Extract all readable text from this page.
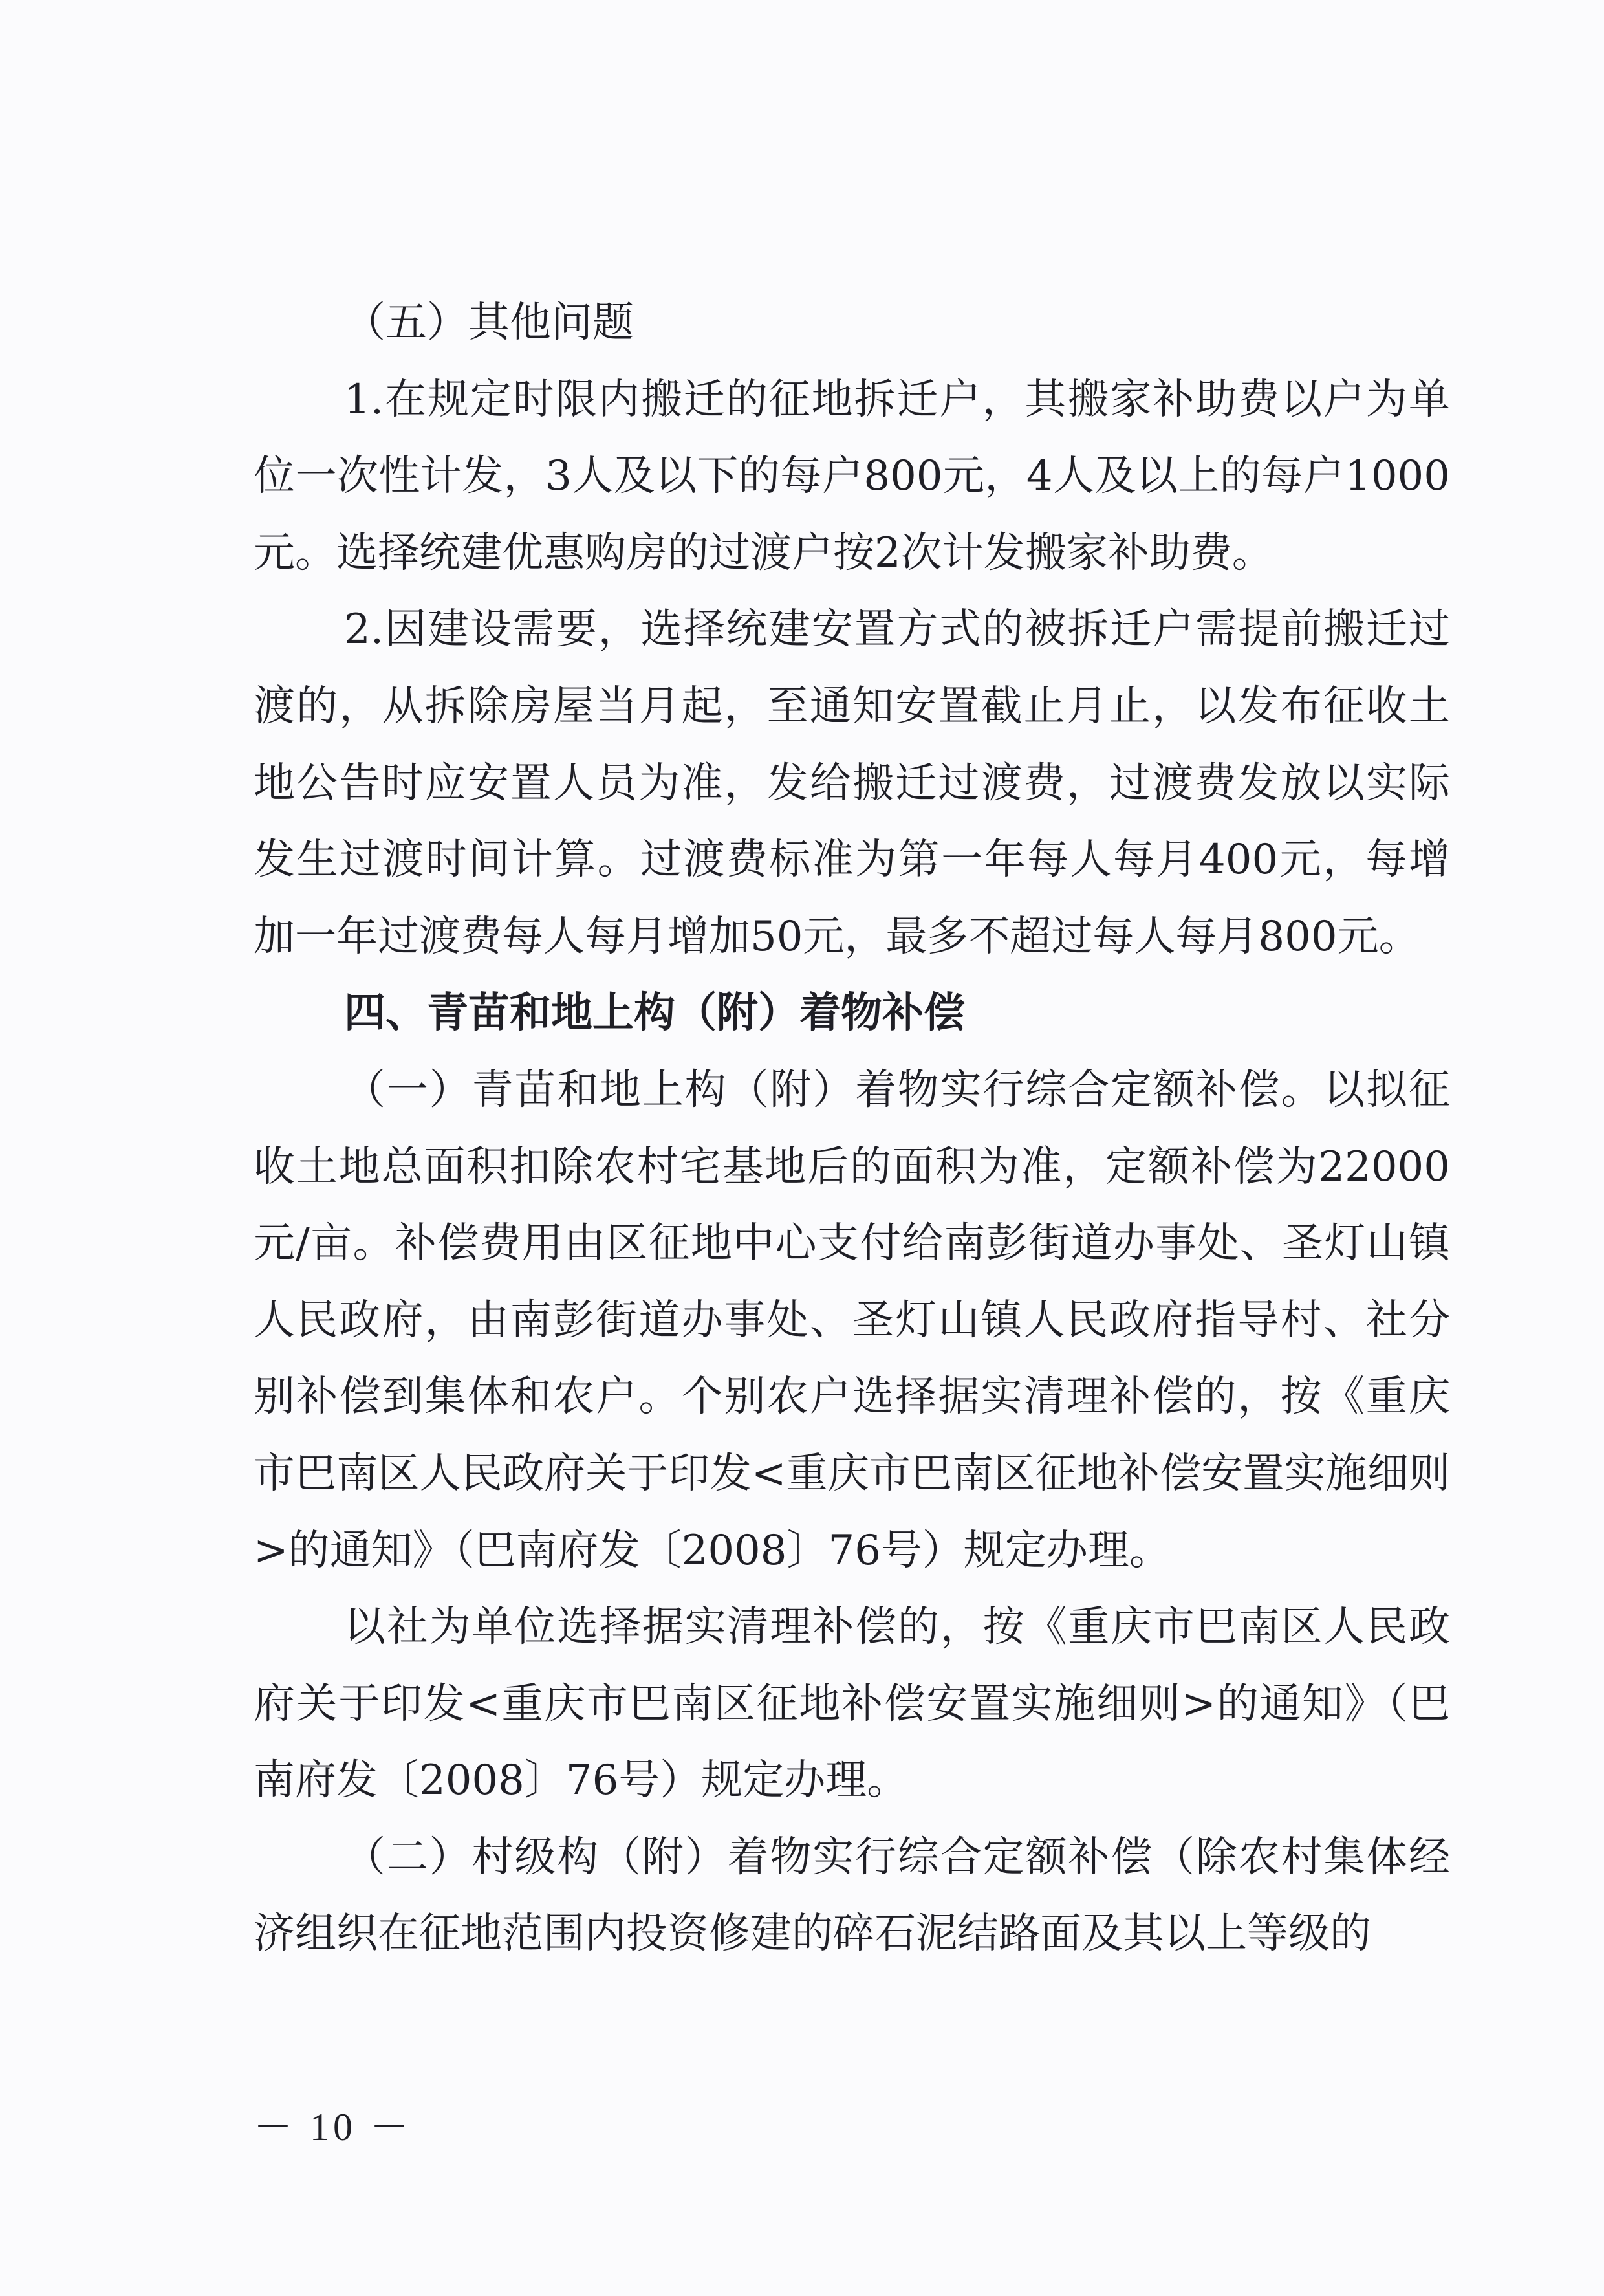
（五）其他问题

1.在规定时限内搬迁的征地拆迁户，其搬家补助费以户为单位一次性计发，3人及以下的每户800元，4人及以上的每户1000元。选择统建优惠购房的过渡户按2次计发搬家补助费。

2.因建设需要，选择统建安置方式的被拆迁户需提前搬迁过渡的，从拆除房屋当月起，至通知安置截止月止，以发布征收土地公告时应安置人员为准，发给搬迁过渡费，过渡费发放以实际发生过渡时间计算。过渡费标准为第一年每人每月400元，每增加一年过渡费每人每月增加50元，最多不超过每人每月800元。

四、青苗和地上构（附）着物补偿

（一）青苗和地上构（附）着物实行综合定额补偿。以拟征收土地总面积扣除农村宅基地后的面积为准，定额补偿为22000元/亩。补偿费用由区征地中心支付给南彭街道办事处、圣灯山镇人民政府，由南彭街道办事处、圣灯山镇人民政府指导村、社分别补偿到集体和农户。个别农户选择据实清理补偿的，按《重庆市巴南区人民政府关于印发<重庆市巴南区征地补偿安置实施细则>的通知》（巴南府发〔2008〕76号）规定办理。

以社为单位选择据实清理补偿的，按《重庆市巴南区人民政府关于印发<重庆市巴南区征地补偿安置实施细则>的通知》（巴南府发〔2008〕76号）规定办理。

（二）村级构（附）着物实行综合定额补偿（除农村集体经济组织在征地范围内投资修建的碎石泥结路面及其以上等级的

－ 10 －
